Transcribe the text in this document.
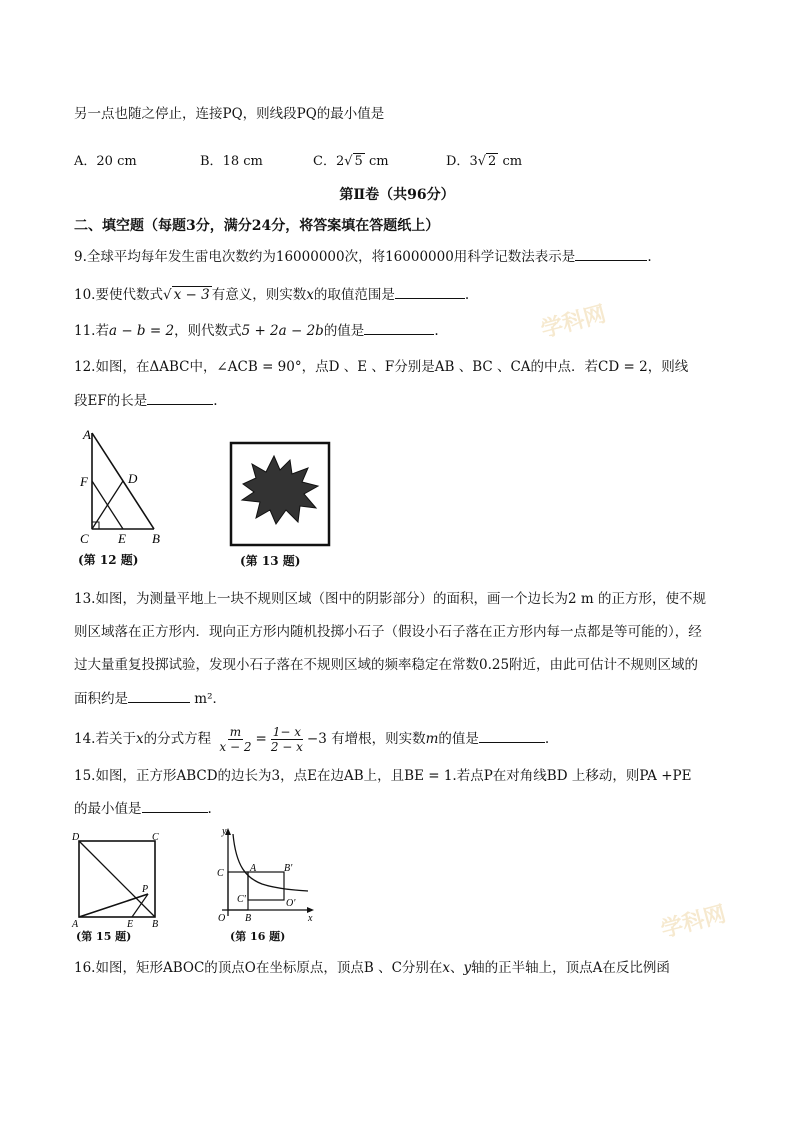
学科网
学科网
另一点也随之停止，连接PQ，则线段PQ的最小值是
A．20 cm	B．18 cm	C．2√ 5 cm	D．3√ 2 cm
第Ⅱ卷（共96分）
二、填空题（每题3分，满分24分，将答案填在答题纸上）
9.全球平均每年发生雷电次数约为16000000次，将16000000用科学记数法表示是	.
10.要使代数式√ x − 3 有意义，则实数x的取值范围是	.
11.若a − b = 2，则代数式5 + 2a − 2b的值是	.
12.如图，在ΔABC中，∠ACB = 90°，点D 、E 、F分别是AB 、BC 、CA的中点．若CD = 2，则线
段EF的长是	.
A
D
F
C E B
(第 12 题)	(第 13 题)
13.如图，为测量平地上一块不规则区域（图中的阴影部分）的面积，画一个边长为2 m 的正方形，使不规
则区域落在正方形内．现向正方形内随机投掷小石子（假设小石子落在正方形内每一点都是等可能的），经
过大量重复投掷试验，发现小石子落在不规则区域的频率稳定在常数0.25附近，由此可估计不规则区域的
面积约是	m²．
14.若关于x的分式方程 $\frac{m}{x - 2} = \frac{1- x}{2 - x} -3$ 有增根，则实数m的值是	.
15.如图，正方形ABCD的边长为3，点E在边AB上，且BE = 1.若点P在对角线BD 上移动，则PA +PE
的最小值是	.
D	C
A	E B
P
(第 15 题)
y
C	A	B'
C'	O'
O B	x
(第 16 题)
16.如图，矩形ABOC的顶点O在坐标原点，顶点B 、C分别在x、y轴的正半轴上，顶点A在反比例函
